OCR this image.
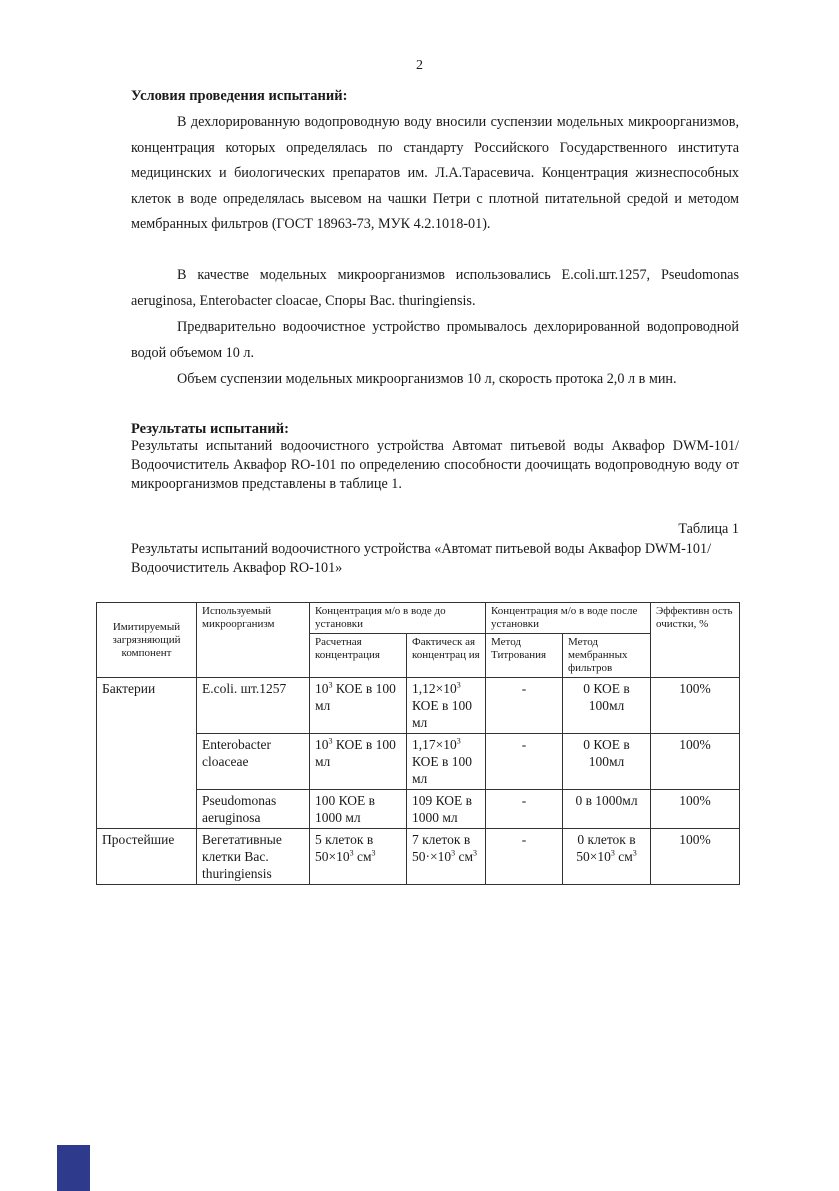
2
Условия проведения испытаний:
В дехлорированную водопроводную воду вносили суспензии модельных микроорганизмов, концентрация которых определялась по стандарту Российского Государственного института медицинских и биологических препаратов им. Л.А.Тарасевича. Концентрация жизнеспособных клеток в воде определялась высевом на чашки Петри с плотной питательной средой и методом мембранных фильтров (ГОСТ 18963-73, МУК 4.2.1018-01).
В качестве модельных микроорганизмов использовались E.coli.шт.1257, Pseudomonas aeruginosa, Enterobacter cloacae, Споры Bac. thuringiensis.
Предварительно водоочистное устройство промывалось дехлорированной водопроводной водой объемом 10 л.
Объем суспензии модельных микроорганизмов 10 л, скорость протока 2,0 л в мин.
Результаты испытаний:
Результаты испытаний водоочистного устройства Автомат питьевой воды Аквафор DWM-101/Водоочиститель Аквафор RO-101 по определению способности доочищать водопроводную воду от микроорганизмов представлены в таблице 1.
Таблица 1
Результаты испытаний водоочистного устройства «Автомат питьевой воды Аквафор DWM-101/Водоочиститель Аквафор RO-101»
Имитируемый загрязняющий компонент	Используемый микроорганизм	Концентрация м/о в воде до установки		Концентрация м/о в воде после установки		Эффективн ость очистки, %
		Расчетная концентрация	Фактическ ая концентрац ия	Метод Титрования	Метод мембранных фильтров	
Бактерии	E.coli. шт.1257	$10^3$ КОЕ в 100 мл	$1,12\times 10^3$ КОЕ в 100 мл	-	0 КОЕ в 100мл	100%
	Enterobacter cloaceae	$10^3$ КОЕ в 100 мл	$1,17\times 10^3$ КОЕ в 100 мл	-	0 КОЕ в 100мл	100%
	Pseudomonas aeruginosa	100 КОЕ в 1000 мл	109 КОЕ в 1000 мл	-	0 в 1000мл	100%
Простейшие	Вегетативные клетки Bac. thuringiensis	5 клеток в $50\times 10^3$ $см^3$	7 клеток в $50\cdot\times 10^3$ $см^3$	-	0 клеток в $50\times 10^3$ $см^3$	100%
